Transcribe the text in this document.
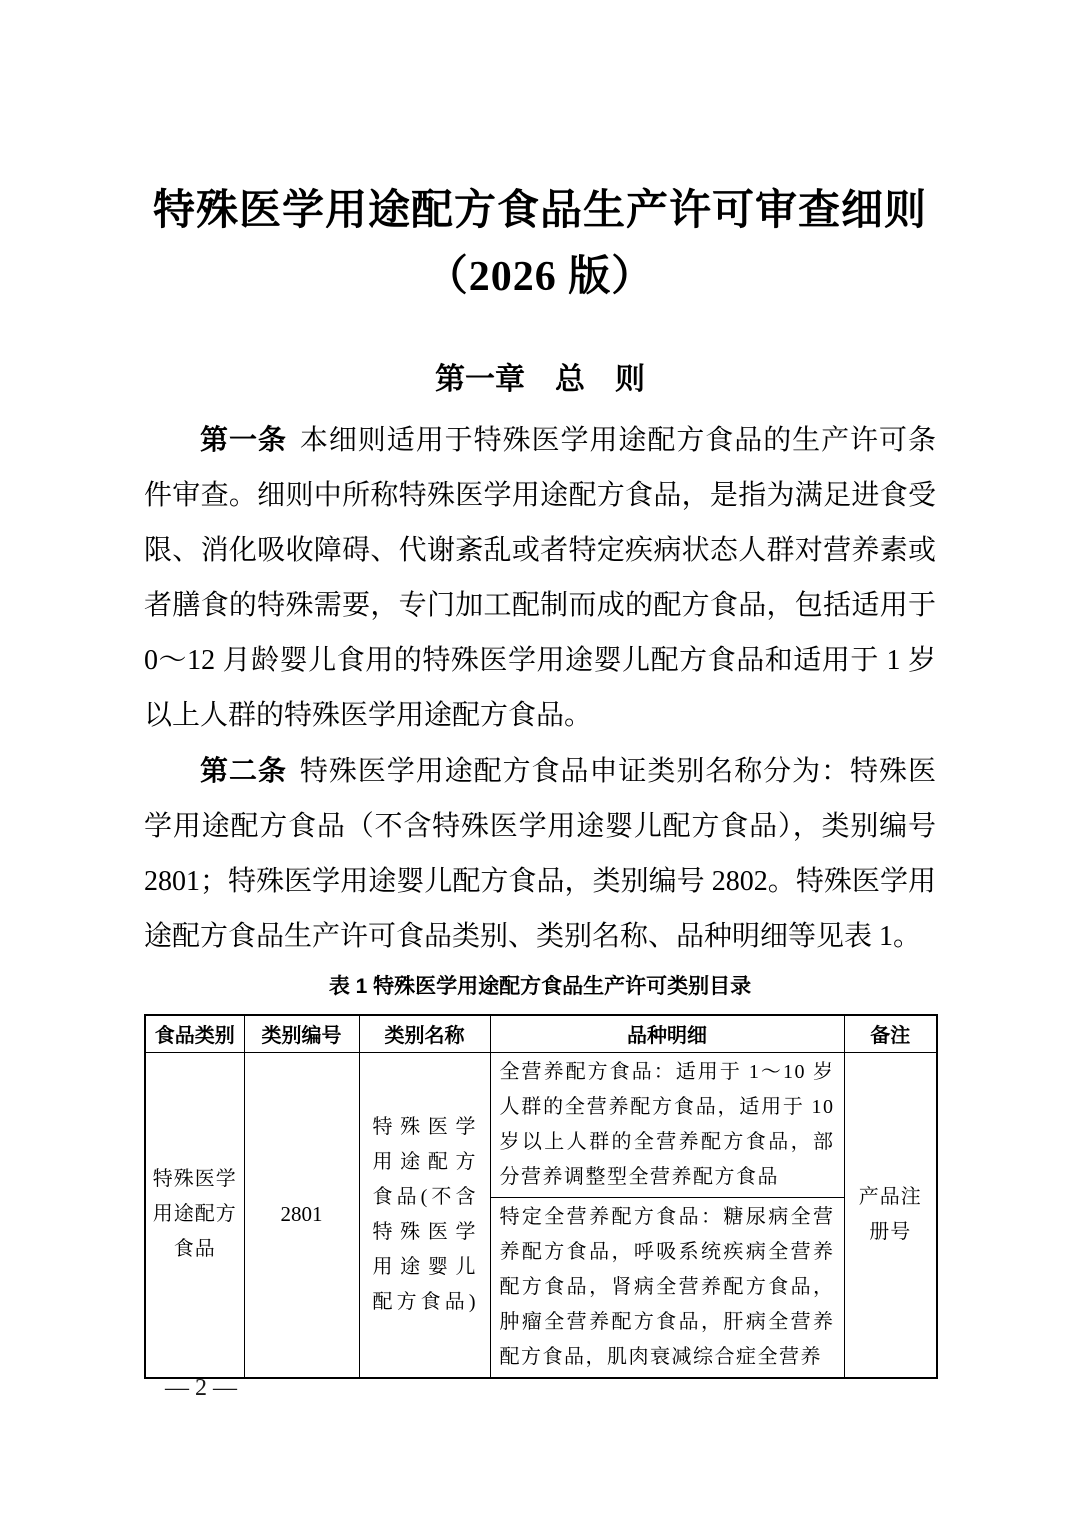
特殊医学用途配方食品生产许可审查细则
（2026 版）
第一章　总　则

第一条 本细则适用于特殊医学用途配方食品的生产许可条件审查。细则中所称特殊医学用途配方食品，是指为满足进食受限、消化吸收障碍、代谢紊乱或者特定疾病状态人群对营养素或者膳食的特殊需要，专门加工配制而成的配方食品，包括适用于 0～12 月龄婴儿食用的特殊医学用途婴儿配方食品和适用于 1 岁以上人群的特殊医学用途配方食品。

第二条 特殊医学用途配方食品申证类别名称分为：特殊医学用途配方食品（不含特殊医学用途婴儿配方食品），类别编号 2801；特殊医学用途婴儿配方食品，类别编号 2802。特殊医学用途配方食品生产许可食品类别、类别名称、品种明细等见表 1。

表 1 特殊医学用途配方食品生产许可类别目录
食品类别	类别编号	类别名称	品种明细	备注
特殊医学用途配方食品	2801	特殊医学用途配方食品(不含特殊医学用途婴儿配方食品)	全营养配方食品：适用于 1～10 岁人群的全营养配方食品，适用于 10 岁以上人群的全营养配方食品，部分营养调整型全营养配方食品	产品注册号
			特定全营养配方食品：糖尿病全营养配方食品，呼吸系统疾病全营养配方食品，肾病全营养配方食品，肿瘤全营养配方食品，肝病全营养配方食品，肌肉衰减综合症全营养	
— 2 —
